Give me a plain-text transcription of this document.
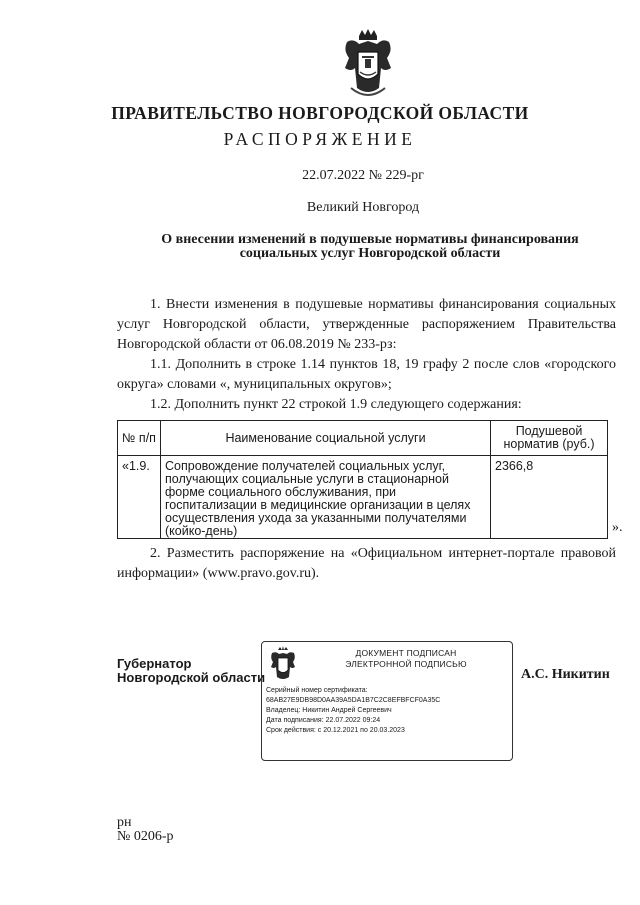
ПРАВИТЕЛЬСТВО НОВГОРОДСКОЙ ОБЛАСТИ
РАСПОРЯЖЕНИЕ
22.07.2022 № 229-рг
Великий Новгород
О внесении изменений в подушевые нормативы финансирования
социальных услуг Новгородской области

1. Внести изменения в подушевые нормативы финансирования социальных услуг Новгородской области, утвержденные распоряжением Правительства Новгородской области от 06.08.2019 № 233-рз:

1.1. Дополнить в строке 1.14 пунктов 18, 19 графу 2 после слов «городского округа» словами «, муниципальных округов»;

1.2. Дополнить пункт 22 строкой 1.9 следующего содержания:

№ п/п	Наименование социальной услуги	Подушевой норматив (руб.)
«1.9.	Сопровождение получателей социальных услуг, получающих социальные услуги в стационарной форме социального обслуживания, при госпитализации в медицинские организации в целях осуществления ухода за указанными получателями (койко-день)	2366,8
».

2. Разместить распоряжение на «Официальном интернет-портале правовой информации» (www.pravo.gov.ru).

Губернатор
Новгородской области
ДОКУМЕНТ ПОДПИСАН
ЭЛЕКТРОННОЙ ПОДПИСЬЮ
Серийный номер сертификата:
68AB27E9DB98D0AA39A5DA1B7C2C8EFBFCF0A35C
Владелец: Никитин Андрей Сергеевич
Дата подписания: 22.07.2022 09:24
Срок действия: с 20.12.2021 по 20.03.2023
А.С. Никитин
рн
№ 0206-р
